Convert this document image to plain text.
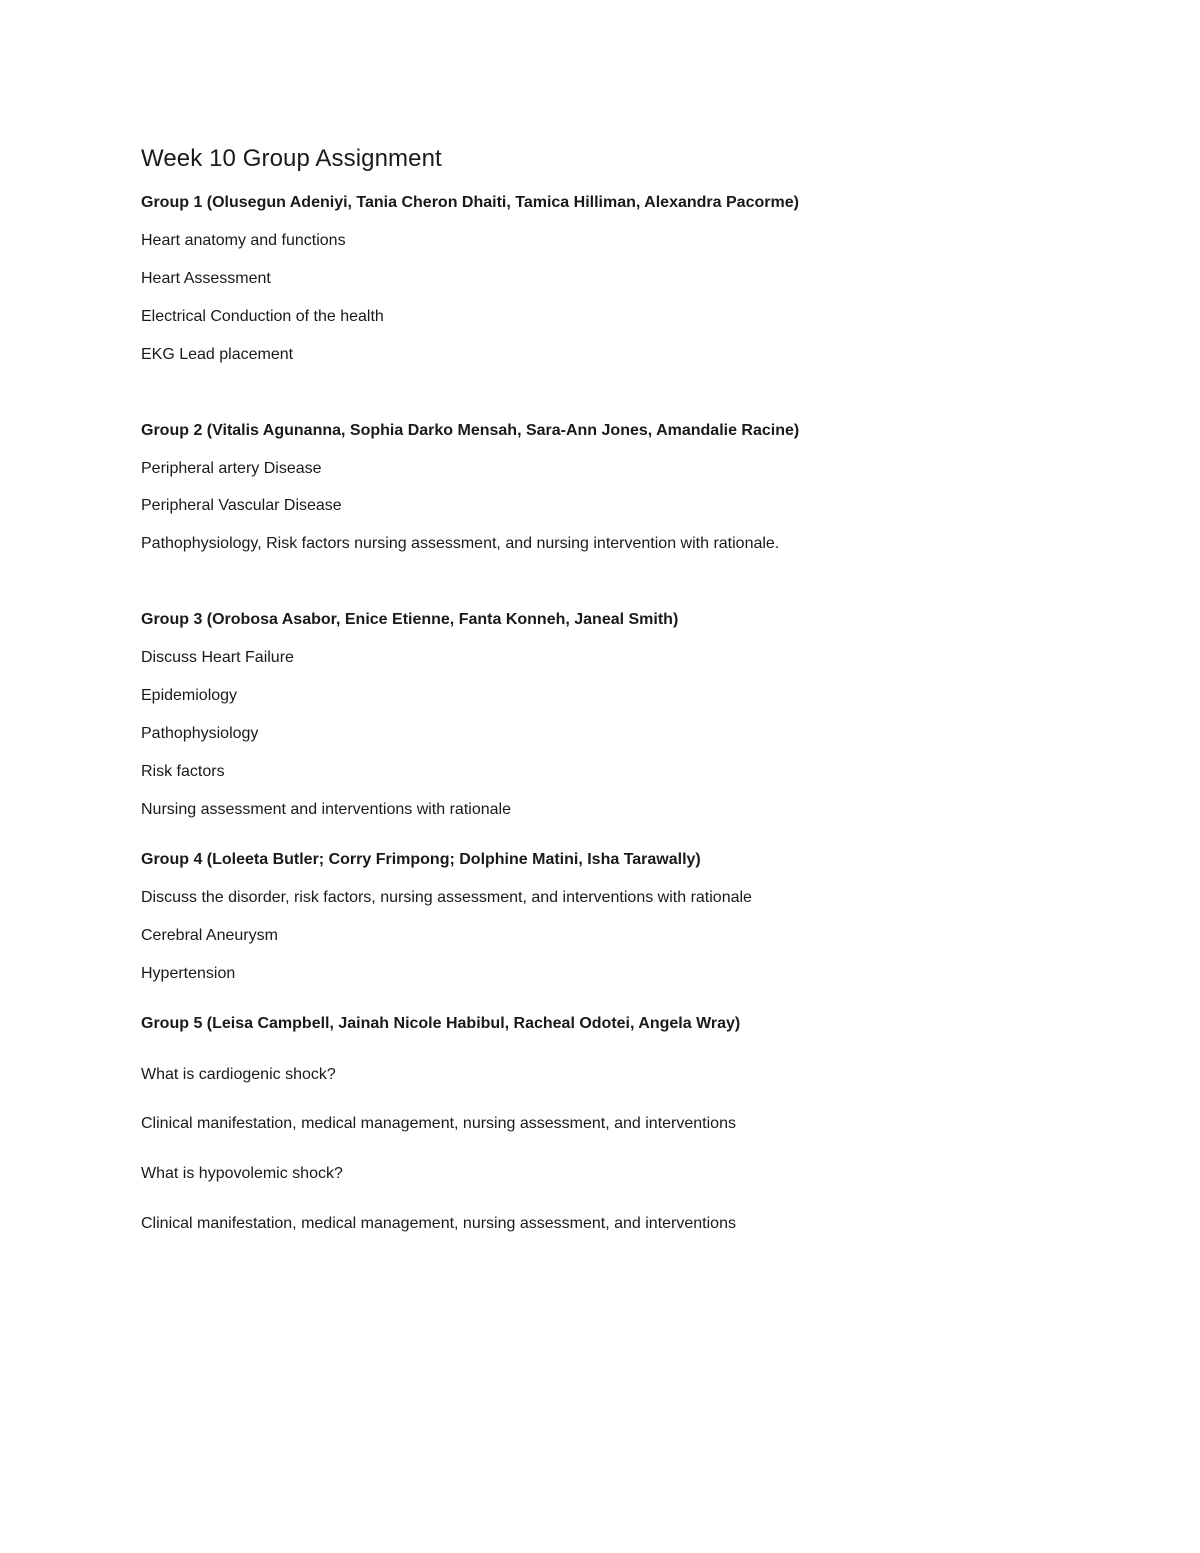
Week 10 Group Assignment
Group 1 (Olusegun Adeniyi, Tania Cheron Dhaiti, Tamica Hilliman, Alexandra Pacorme)
Heart anatomy and functions
Heart Assessment
Electrical Conduction of the health
EKG Lead placement
Group 2 (Vitalis Agunanna, Sophia Darko Mensah, Sara-Ann Jones, Amandalie Racine)
Peripheral artery Disease
Peripheral Vascular Disease
Pathophysiology, Risk factors nursing assessment, and nursing intervention with rationale.
Group 3 (Orobosa Asabor, Enice Etienne, Fanta Konneh, Janeal Smith)
Discuss Heart Failure
Epidemiology
Pathophysiology
Risk factors
Nursing assessment and interventions with rationale
Group 4 (Loleeta Butler; Corry Frimpong; Dolphine Matini, Isha Tarawally)
Discuss the disorder, risk factors, nursing assessment, and interventions with rationale
Cerebral Aneurysm
Hypertension
Group 5 (Leisa Campbell, Jainah Nicole Habibul, Racheal Odotei, Angela Wray)
What is cardiogenic shock?
Clinical manifestation, medical management, nursing assessment, and interventions
What is hypovolemic shock?
Clinical manifestation, medical management, nursing assessment, and interventions
